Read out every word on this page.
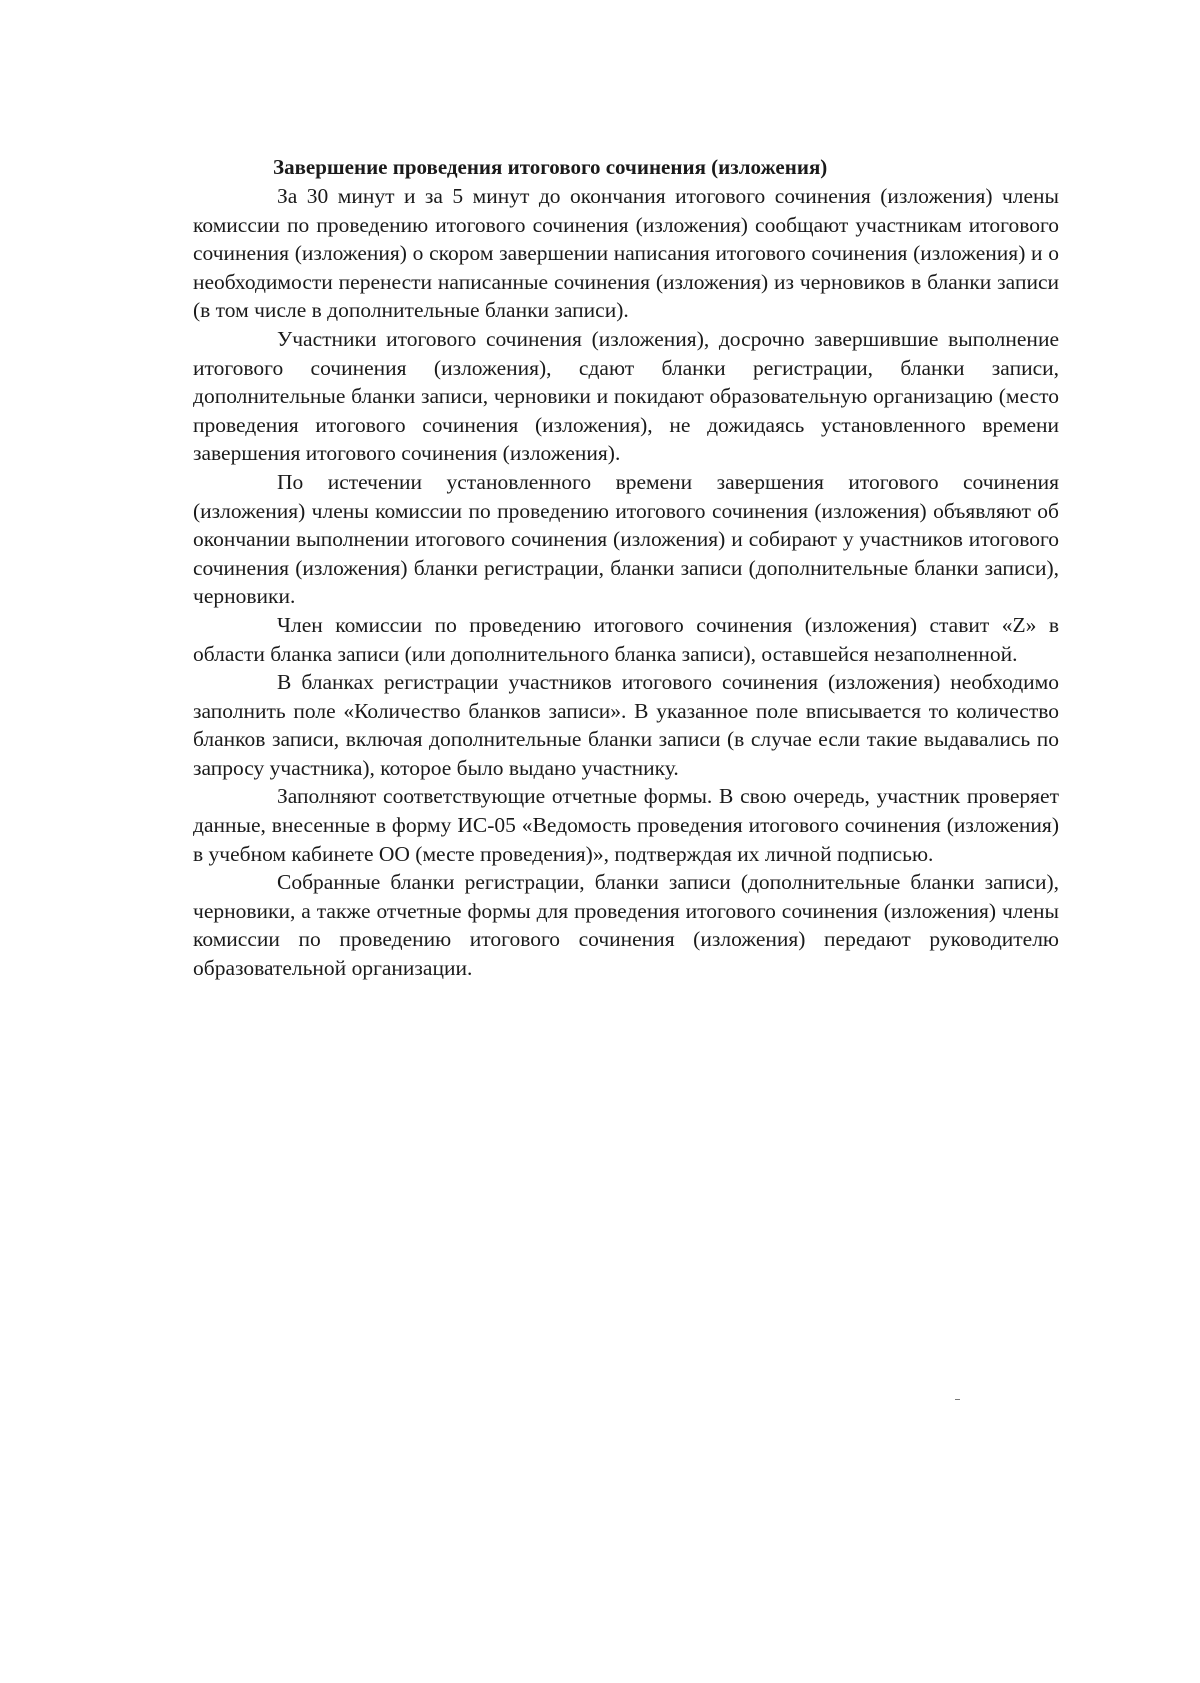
Завершение проведения итогового сочинения (изложения)

За 30 минут и за 5 минут до окончания итогового сочинения (изложения) члены комиссии по проведению итогового сочинения (изложения) сообщают участникам итогового сочинения (изложения) о скором завершении написания итогового сочинения (изложения) и о необходимости перенести написанные сочинения (изложения) из черновиков в бланки записи (в том числе в дополнительные бланки записи).

Участники итогового сочинения (изложения), досрочно завершившие выполнение итогового сочинения (изложения), сдают бланки регистрации, бланки записи, дополнительные бланки записи, черновики и покидают образовательную организацию (место проведения итогового сочинения (изложения), не дожидаясь установленного времени завершения итогового сочинения (изложения).

По истечении установленного времени завершения итогового сочинения (изложения) члены комиссии по проведению итогового сочинения (изложения) объявляют об окончании выполнении итогового сочинения (изложения) и собирают у участников итогового сочинения (изложения) бланки регистрации, бланки записи (дополнительные бланки записи), черновики.

Член комиссии по проведению итогового сочинения (изложения) ставит «Z» в области бланка записи (или дополнительного бланка записи), оставшейся незаполненной.

В бланках регистрации участников итогового сочинения (изложения) необходимо заполнить поле «Количество бланков записи». В указанное поле вписывается то количество бланков записи, включая дополнительные бланки записи (в случае если такие выдавались по запросу участника), которое было выдано участнику.

Заполняют соответствующие отчетные формы. В свою очередь, участник проверяет данные, внесенные в форму ИС-05 «Ведомость проведения итогового сочинения (изложения) в учебном кабинете ОО (месте проведения)», подтверждая их личной подписью.

Собранные бланки регистрации, бланки записи (дополнительные бланки записи), черновики, а также отчетные формы для проведения итогового сочинения (изложения) члены комиссии по проведению итогового сочинения (изложения) передают руководителю образовательной организации.
